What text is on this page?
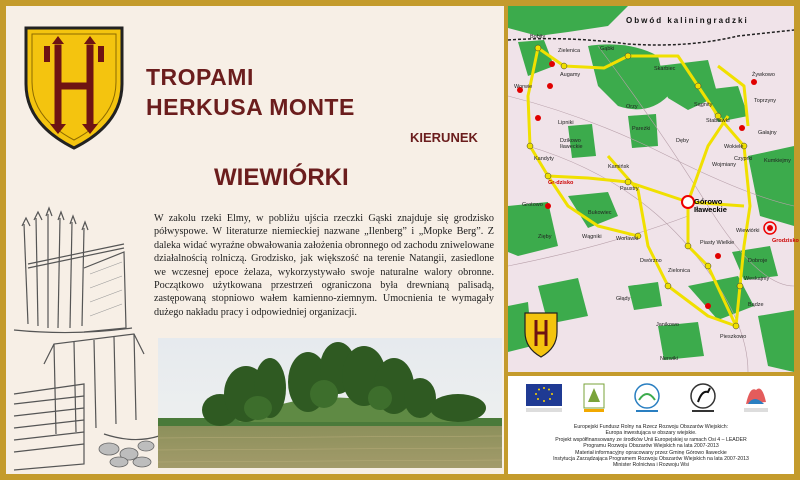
TROPAMI
HERKUSA MONTE
KIERUNEK
WIEWIÓRKI

W zakolu rzeki Elmy, w pobliżu ujścia rzeczki Gąski znajduje się grodzisko półwyspowe. W literaturze niemieckiej nazwane „Ilenberg” i „Mopke Berg”. Z daleka widać wyraźne obwałowania założenia obronnego od zachodu zniwelowane działalnością rolniczą. Grodzisko, jak większość na terenie Natangii, zasiedlone we wczesnej epoce żelaza, wykorzystywało swoje naturalne walory obronne. Początkowo użytkowana przestrzeń ograniczona była drewnianą palisadą, zastępowaną stopniowo wałem kamienno-ziemnym. Umocnienia te wymagały dużego nakładu pracy i odpowiedniej organizacji.

Obwód kaliningradzki
Górowo Iławeckie
Bobity
Zielenica	Gąbki
Augamy
Worwie
Lipniki
Dzikowo Iławeckie
Pareżki
Dęby
Kandyty
Kamińsk
Paustry
Grotowo
Bukowiec
Zięby	Wągniki	Worławki
Dwórzno
Zielonica
Głądy
Janikowo
Pieszkowo
Nerwiki
Bądze
Dobroje
Weskajmy
Piasty Wielkie
Wiewiórki
Toprzyny
Żywkowo
Gałajny
Wokiele
Wojmiany
Czyprki Kumkiejmy
Sągnity
Skarbiec
Orzy
Stabławki
Grodzisko
Gr-dzisko
Europejski Fundusz Rolny na Rzecz Rozwoju Obszarów Wiejskich:
Europa inwestująca w obszary wiejskie.
Projekt współfinansowany ze środków Unii Europejskiej w ramach Osi 4 – LEADER
Programu Rozwoju Obszarów Wiejskich na lata 2007-2013
Materiał informacyjny opracowany przez Gminę Górowo Iławeckie
Instytucja Zarządzająca Programem Rozwoju Obszarów Wiejskich na lata 2007-2013
Minister Rolnictwa i Rozwoju Wsi
